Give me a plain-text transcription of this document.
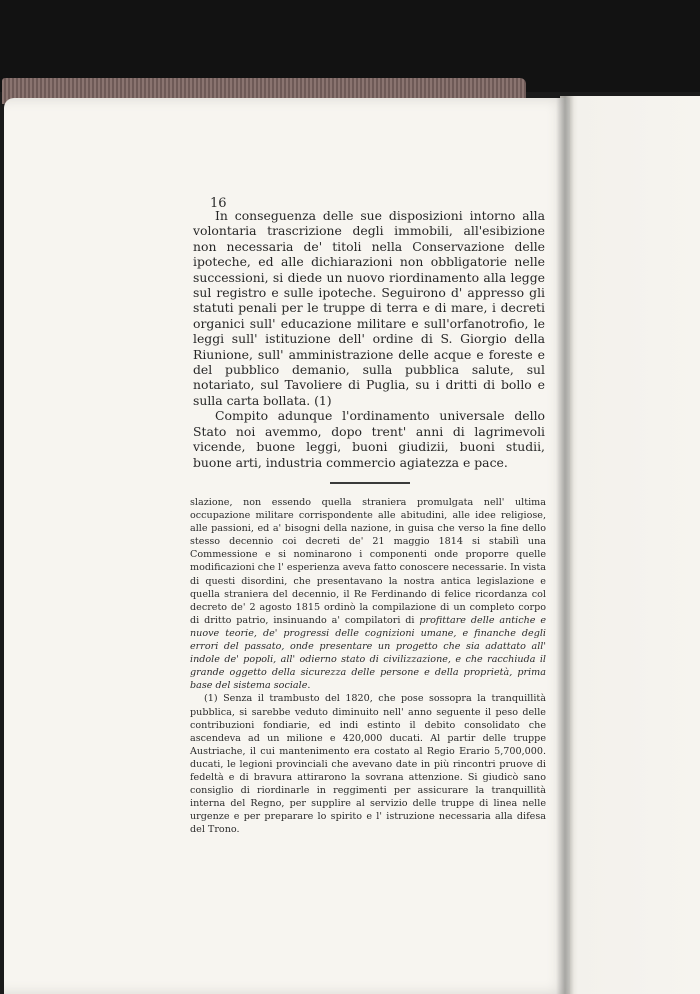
16

In conseguenza delle sue disposizioni intorno alla volontaria trascrizione degli immobili, all'esibizione non necessaria de' titoli nella Conservazione delle ipoteche, ed alle dichiarazioni non obbligatorie nelle successioni, si diede un nuovo riordinamento alla legge sul registro e sulle ipoteche. Seguirono d' appresso gli statuti penali per le truppe di terra e di mare, i decreti organici sull' educazione militare e sull'orfanotrofio, le leggi sull' istituzione dell' ordine di S. Giorgio della Riunione, sull' amministrazione delle acque e foreste e del pubblico demanio, sulla pubblica salute, sul notariato, sul Tavoliere di Puglia, su i dritti di bollo e sulla carta bollata. (1)

Compito adunque l'ordinamento universale dello Stato noi avemmo, dopo trent' anni di lagrimevoli vicende, buone leggi, buoni giudizii, buoni studii, buone arti, industria commercio agiatezza e pace.

slazione, non essendo quella straniera promulgata nell' ultima occupazione militare corrispondente alle abitudini, alle idee religiose, alle passioni, ed a' bisogni della nazione, in guisa che verso la fine dello stesso decennio coi decreti de' 21 maggio 1814 si stabilì una Commessione e si nominarono i componenti onde proporre quelle modificazioni che l' esperienza aveva fatto conoscere necessarie. In vista di questi disordini, che presentavano la nostra antica legislazione e quella straniera del decennio, il Re Ferdinando di felice ricordanza col decreto de' 2 agosto 1815 ordinò la compilazione di un completo corpo di dritto patrio, insinuando a' compilatori di profittare delle antiche e nuove teorie, de' progressi delle cognizioni umane, e finanche degli errori del passato, onde presentare un progetto che sia adattato all' indole de' popoli, all' odierno stato di civilizzazione, e che racchiuda il grande oggetto della sicurezza delle persone e della proprietà, prima base del sistema sociale.

(1) Senza il trambusto del 1820, che pose sossopra la tranquillità pubblica, si sarebbe veduto diminuito nell' anno seguente il peso delle contribuzioni fondiarie, ed indi estinto il debito consolidato che ascendeva ad un milione e 420,000 ducati. Al partir delle truppe Austriache, il cui mantenimento era costato al Regio Erario 5,700,000. ducati, le legioni provinciali che avevano date in più rincontri pruove di fedeltà e di bravura attirarono la sovrana attenzione. Si giudicò sano consiglio di riordinarle in reggimenti per assicurare la tranquillità interna del Regno, per supplire al servizio delle truppe di linea nelle urgenze e per preparare lo spirito e l' istruzione necessaria alla difesa del Trono.
